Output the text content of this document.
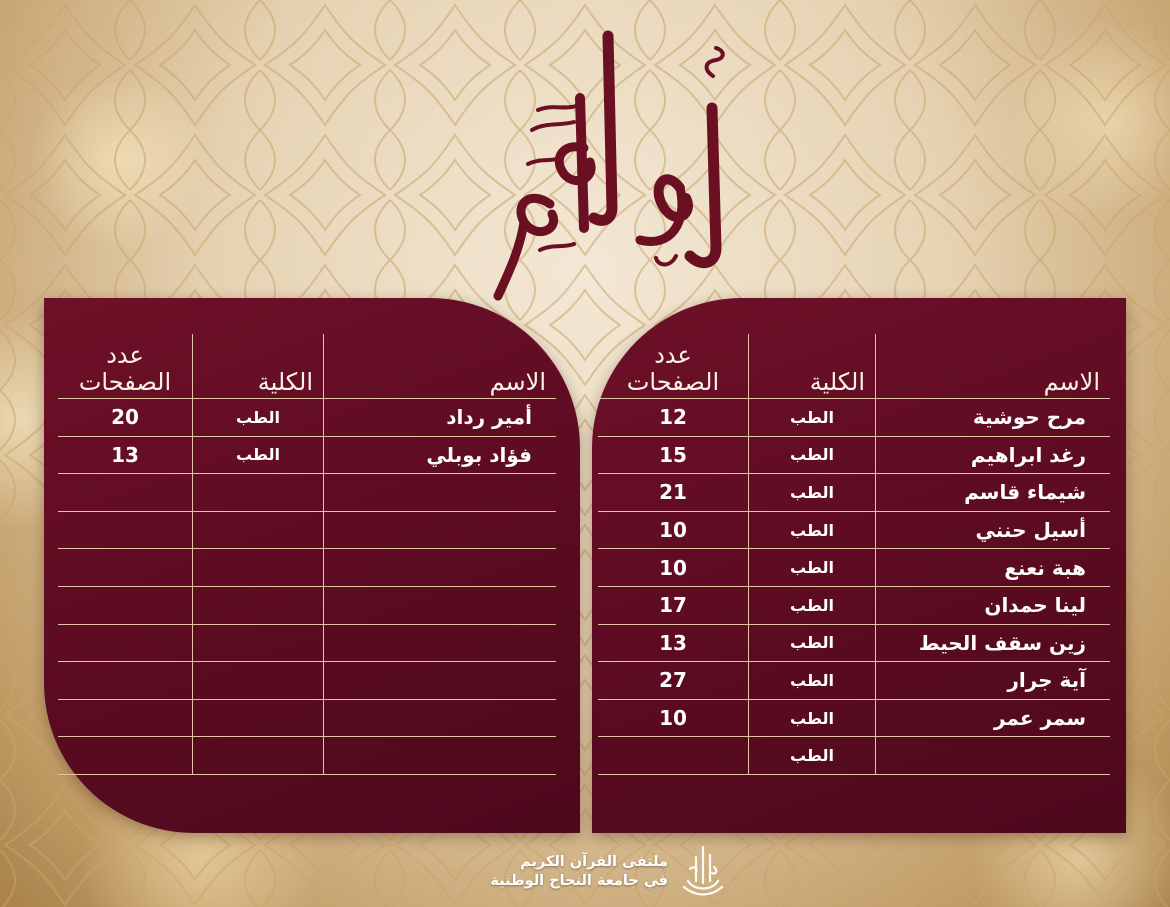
الاسم	الكلية	عدد الصفحات
مرح حوشية	الطب	12
رغد ابراهيم	الطب	15
شيماء قاسم	الطب	21
أسيل حنني	الطب	10
هبة نعنع	الطب	10
لينا حمدان	الطب	17
زين سقف الحيط	الطب	13
آية جرار	الطب	27
سمر عمر	الطب	10
	الطب	
الاسم	الكلية	عدد الصفحات
أمير رداد	الطب	20
فؤاد بوبلي	الطب	13

ملتقى القرآن الكريم
في جامعة النجاح الوطنية
